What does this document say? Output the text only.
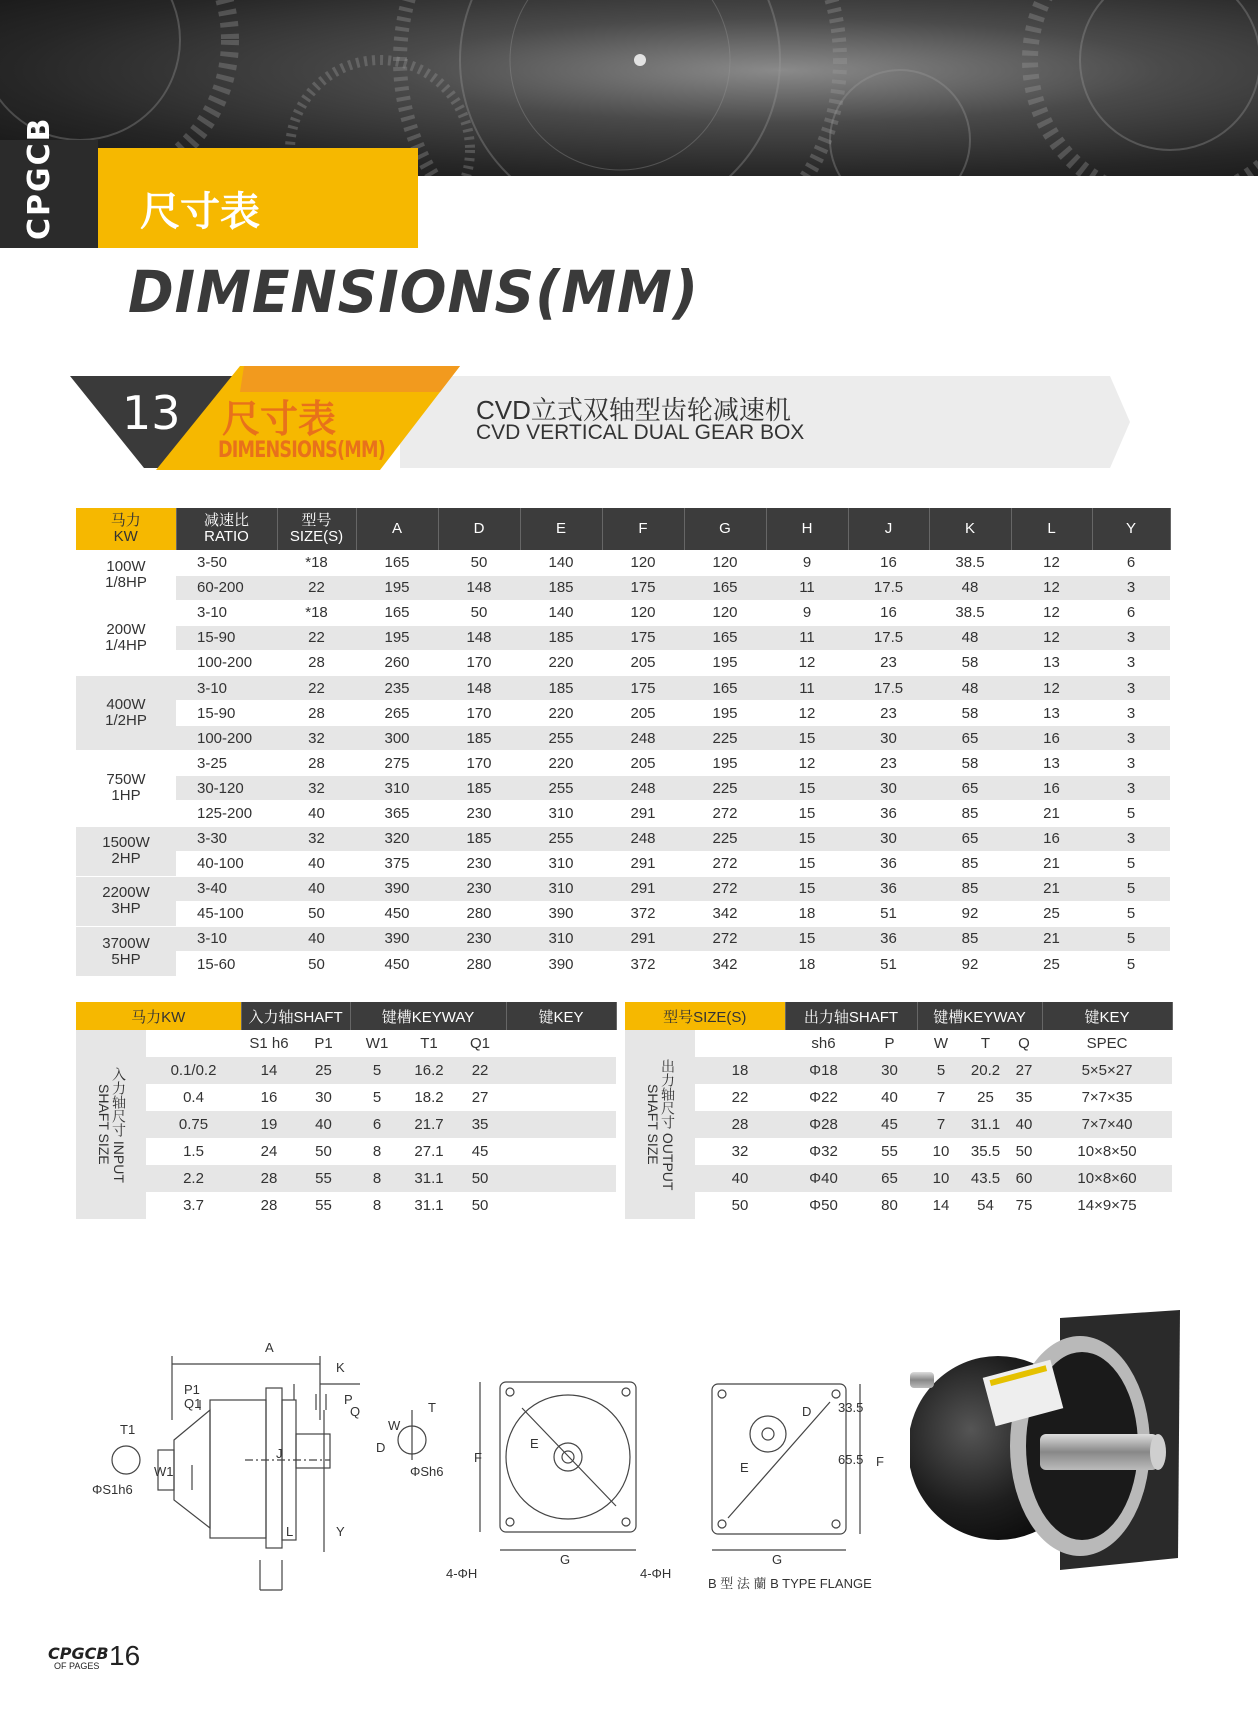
CPGCB 尺寸表
DIMENSIONS(MM)
13 尺寸表
DIMENSIONS(MM)
CVD立式双轴型齿轮减速机
CVD VERTICAL DUAL GEAR BOX
马力
KW	减速比
RATIO	型号
SIZE(S)	A	D	E	F	G	H	J	K	L	Y
100W
1/8HP	3-50	*18	165	50	140	120	120	9	16	38.5	12	6
	60-200	22	195	148	185	175	165	11	17.5	48	12	3
200W
1/4HP	3-10	*18	165	50	140	120	120	9	16	38.5	12	6
	15-90	22	195	148	185	175	165	11	17.5	48	12	3
	100-200	28	260	170	220	205	195	12	23	58	13	3
400W
1/2HP	3-10	22	235	148	185	175	165	11	17.5	48	12	3
	15-90	28	265	170	220	205	195	12	23	58	13	3
	100-200	32	300	185	255	248	225	15	30	65	16	3
750W
1HP	3-25	28	275	170	220	205	195	12	23	58	13	3
	30-120	32	310	185	255	248	225	15	30	65	16	3
	125-200	40	365	230	310	291	272	15	36	85	21	5
1500W
2HP	3-30	32	320	185	255	248	225	15	30	65	16	3
	40-100	40	375	230	310	291	272	15	36	85	21	5
2200W
3HP	3-40	40	390	230	310	291	272	15	36	85	21	5
	45-100	50	450	280	390	372	342	18	51	92	25	5
3700W
5HP	3-10	40	390	230	310	291	272	15	36	85	21	5
	15-60	50	450	280	390	372	342	18	51	92	25	5
马力KW		入力轴SHAFT		键槽KEYWAY			键KEY

入力轴尺寸 INPUT SHAFT SIZE		S1 h6	P1	W1	T1	Q1	
	0.1/0.2	14	25	5	16.2	22	
	0.4	16	30	5	18.2	27	
	0.75	19	40	6	21.7	35	
	1.5	24	50	8	27.1	45	
	2.2	28	55	8	31.1	50	
	3.7	28	55	8	31.1	50	
型号SIZE(S)		出力轴SHAFT		键槽KEYWAY			键KEY

出力轴尺寸 OUTPUT SHAFT SIZE		sh6	P	W	T	Q	SPEC
	18	Φ18	30	5	20.2	27	5×5×27
	22	Φ22	40	7	25	35	7×7×35
	28	Φ28	45	7	31.1	40	7×7×40
	32	Φ32	55	10	35.5	50	10×8×50
	40	Φ40	65	10	43.5	60	10×8×60
	50	Φ50	80	14	54	75	14×9×75
A
K
P1
Q1	P
Q
T1
W1
ΦS1h6
J	D
L	Y
W
T
ΦSh6
F
G
E
4-ΦH
D 33.5
65.5
E	F
G
4-ΦH
B 型 法 蘭 B TYPE FLANGE
CPGCB
OF PAGES 16
